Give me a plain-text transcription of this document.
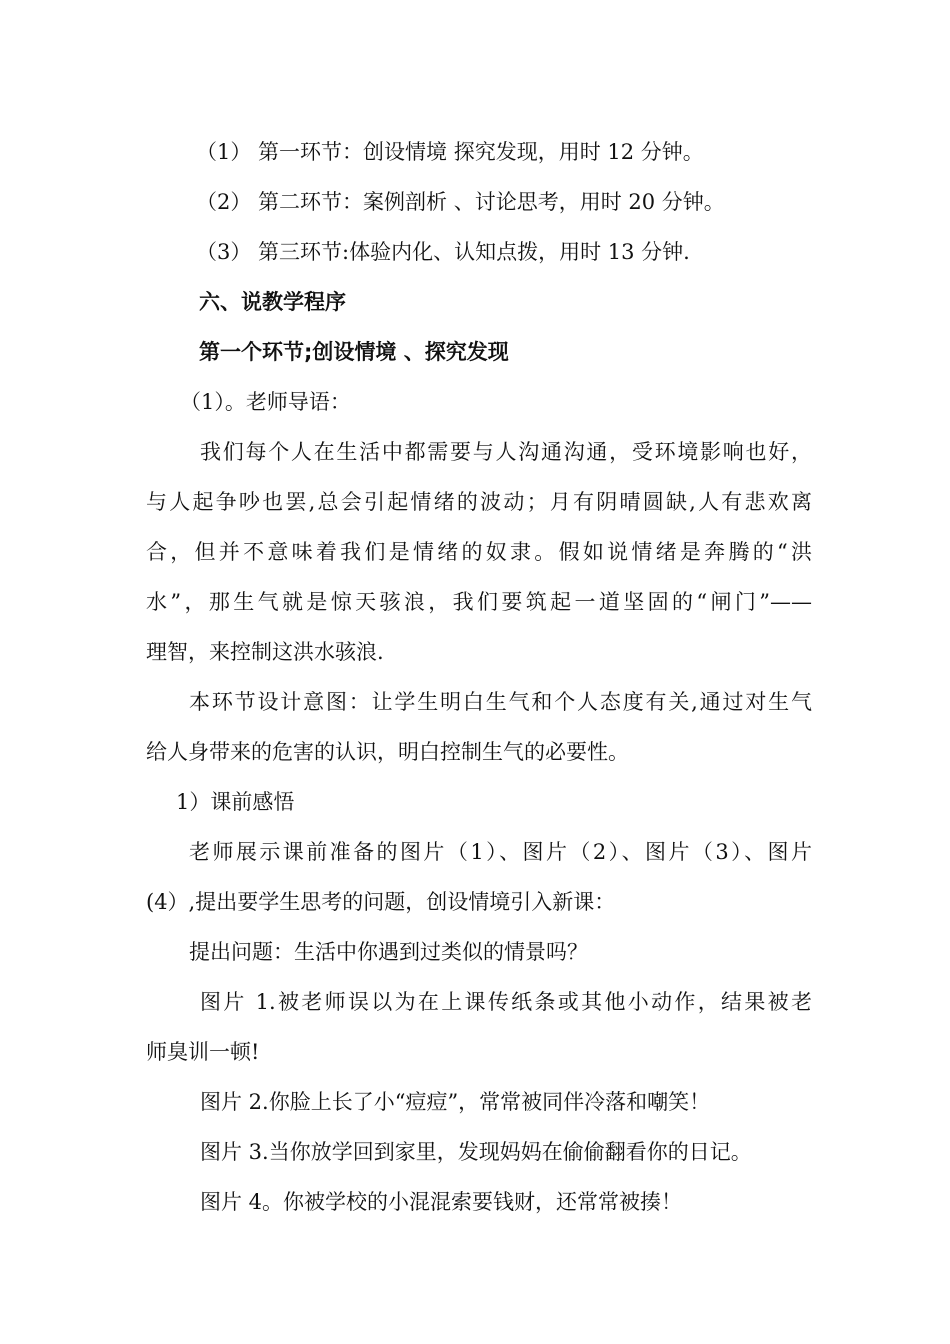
（1） 第一环节：创设情境 探究发现，用时 12 分钟。
（2） 第二环节：案例剖析 、讨论思考，用时 20 分钟。
（3） 第三环节:体验内化、认知点拨，用时 13 分钟.
六、说教学程序
第一个环节;创设情境 、探究发现
（1）。老师导语：
我们每个人在生活中都需要与人沟通沟通，受环境影响也好，
与人起争吵也罢,总会引起情绪的波动；月有阴晴圆缺,人有悲欢离
合，但并不意味着我们是情绪的奴隶。假如说情绪是奔腾的“洪
水”，那生气就是惊天骇浪，我们要筑起一道坚固的“闸门”——
理智，来控制这洪水骇浪.
本环节设计意图：让学生明白生气和个人态度有关,通过对生气
给人身带来的危害的认识，明白控制生气的必要性。
1）课前感悟
老师展示课前准备的图片（1）、图片（2）、图片（3）、图片
(4）,提出要学生思考的问题，创设情境引入新课：
提出问题：生活中你遇到过类似的情景吗？
图片 1.被老师误以为在上课传纸条或其他小动作，结果被老
师臭训一顿!
图片 2.你脸上长了小“痘痘”，常常被同伴冷落和嘲笑！
图片 3.当你放学回到家里，发现妈妈在偷偷翻看你的日记。
图片 4。你被学校的小混混索要钱财，还常常被揍！
